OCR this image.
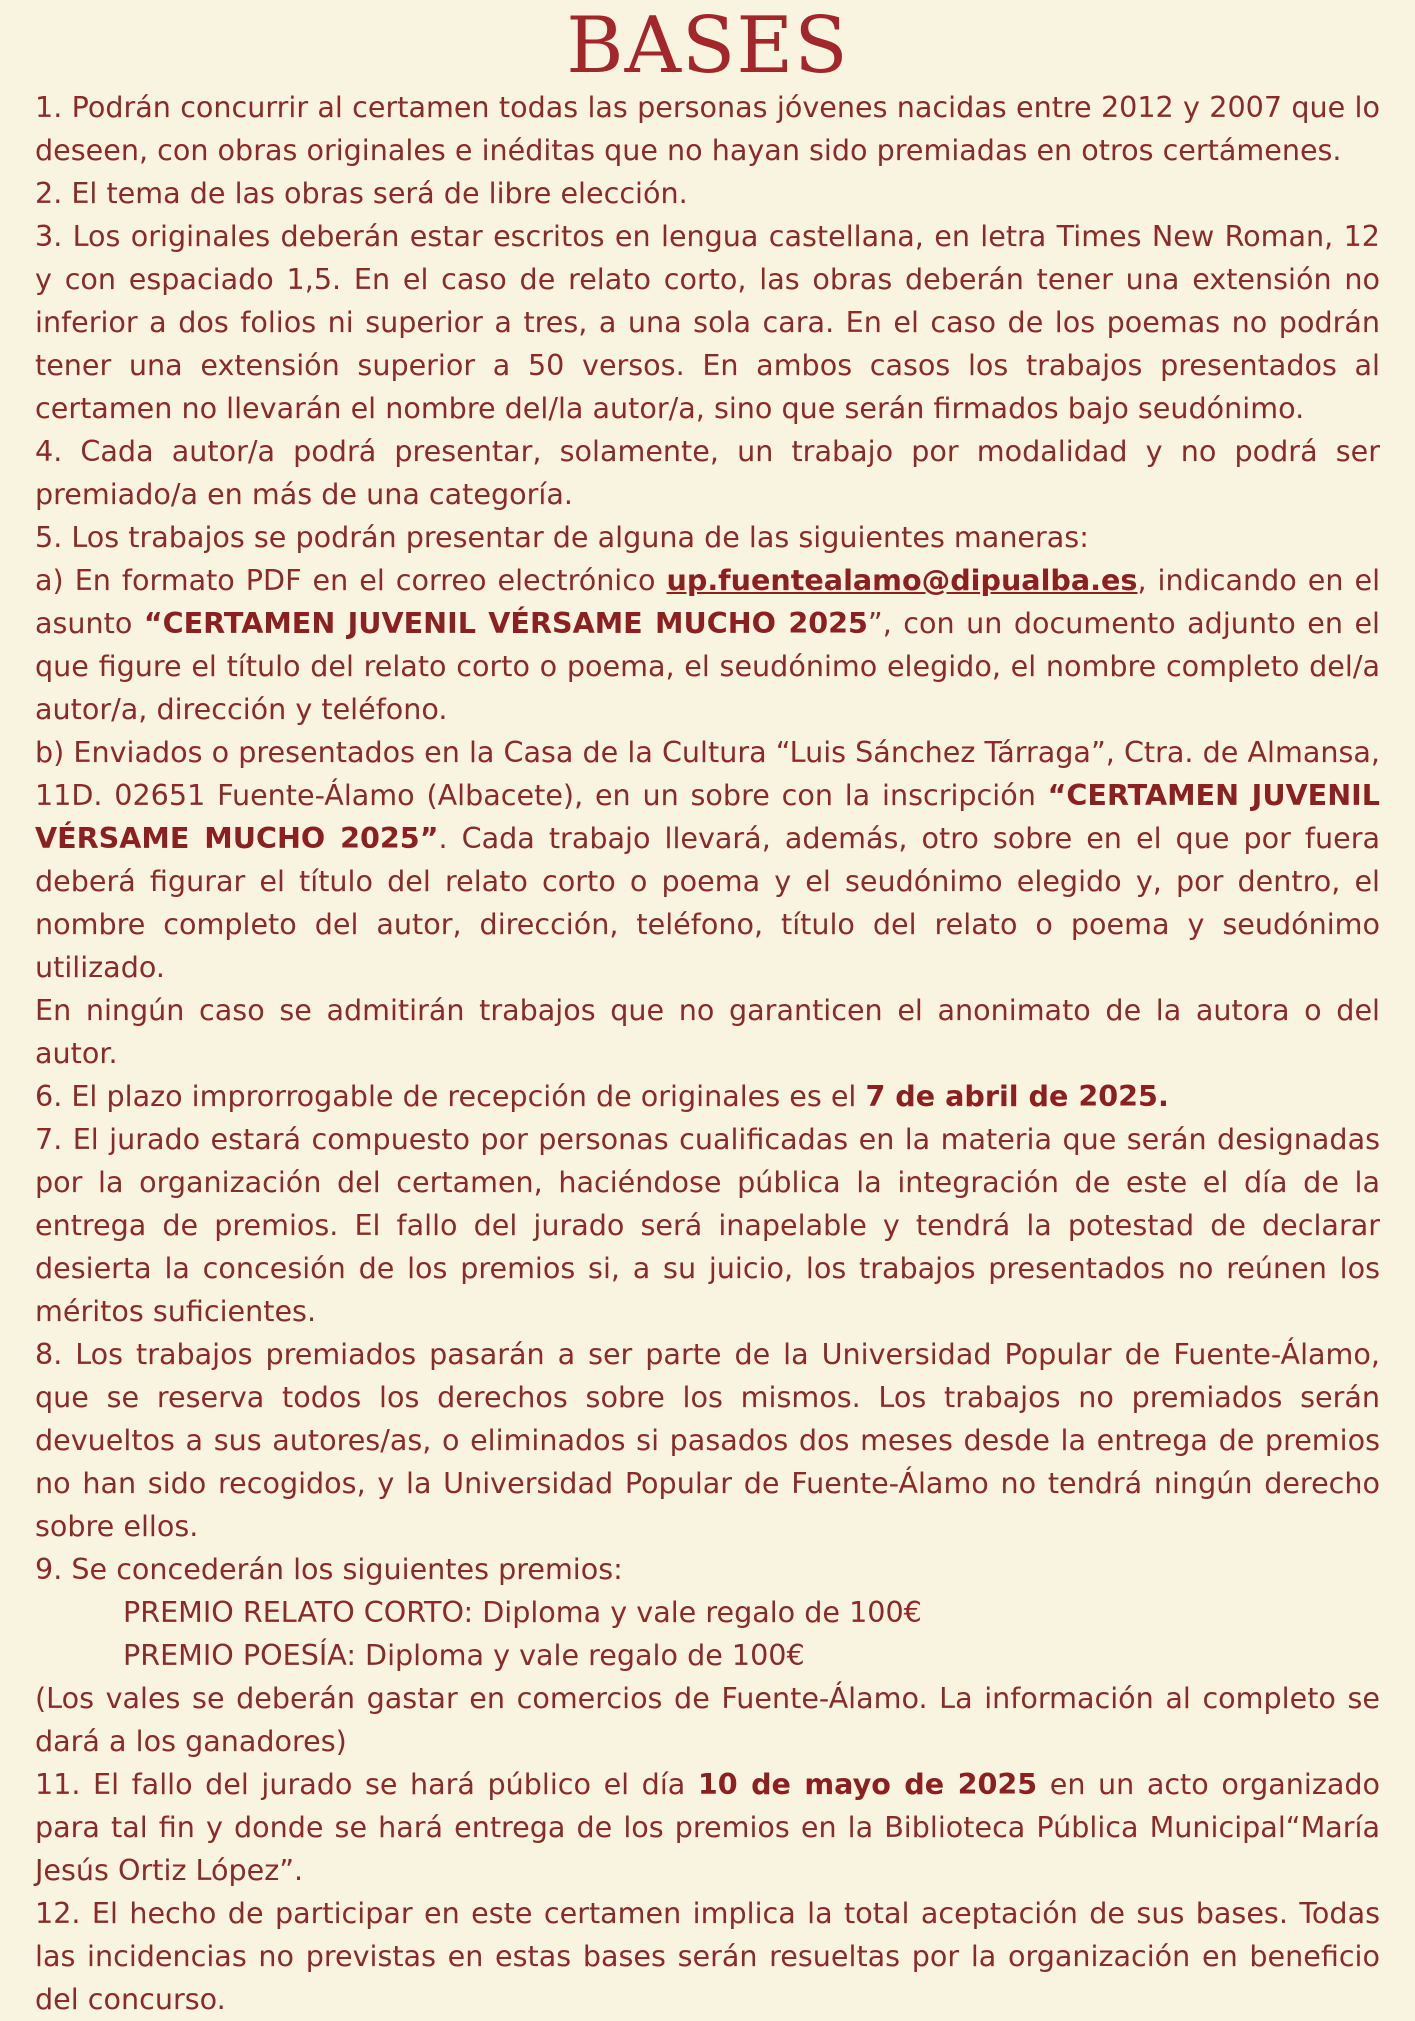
BASES

1. Podrán concurrir al certamen todas las personas jóvenes nacidas entre 2012 y 2007 que lo deseen, con obras originales e inéditas que no hayan sido premiadas en otros certámenes.

2. El tema de las obras será de libre elección.

3. Los originales deberán estar escritos en lengua castellana, en letra Times New Roman, 12 y con espaciado 1,5. En el caso de relato corto, las obras deberán tener una extensión no inferior a dos folios ni superior a tres, a una sola cara. En el caso de los poemas no podrán tener una extensión superior a 50 versos. En ambos casos los trabajos presentados al certamen no llevarán el nombre del/la autor/a, sino que serán firmados bajo seudónimo.

4. Cada autor/a podrá presentar, solamente, un trabajo por modalidad y no podrá ser premiado/a en más de una categoría.

5. Los trabajos se podrán presentar de alguna de las siguientes maneras:

a) En formato PDF en el correo electrónico up.fuentealamo@dipualba.es, indicando en el asunto “CERTAMEN JUVENIL VÉRSAME MUCHO 2025”, con un documento adjunto en el que figure el título del relato corto o poema, el seudónimo elegido, el nombre completo del/a autor/a, dirección y teléfono.

b) Enviados o presentados en la Casa de la Cultura “Luis Sánchez Tárraga”, Ctra. de Almansa, 11D. 02651 Fuente-Álamo (Albacete), en un sobre con la inscripción “CERTAMEN JUVENIL VÉRSAME MUCHO 2025”. Cada trabajo llevará, además, otro sobre en el que por fuera deberá figurar el título del relato corto o poema y el seudónimo elegido y, por dentro, el nombre completo del autor, dirección, teléfono, título del relato o poema y seudónimo utilizado.

En ningún caso se admitirán trabajos que no garanticen el anonimato de la autora o del autor.

6. El plazo improrrogable de recepción de originales es el 7 de abril de 2025.

7. El jurado estará compuesto por personas cualificadas en la materia que serán designadas por la organización del certamen, haciéndose pública la integración de este el día de la entrega de premios. El fallo del jurado será inapelable y tendrá la potestad de declarar desierta la concesión de los premios si, a su juicio, los trabajos presentados no reúnen los méritos suficientes.

8. Los trabajos premiados pasarán a ser parte de la Universidad Popular de Fuente-Álamo, que se reserva todos los derechos sobre los mismos. Los trabajos no premiados serán devueltos a sus autores/as, o eliminados si pasados dos meses desde la entrega de premios no han sido recogidos, y la Universidad Popular de Fuente-Álamo no tendrá ningún derecho sobre ellos.

9. Se concederán los siguientes premios:

PREMIO RELATO CORTO: Diploma y vale regalo de 100€

PREMIO POESÍA: Diploma y vale regalo de 100€

(Los vales se deberán gastar en comercios de Fuente-Álamo. La información al completo se dará a los ganadores)

11. El fallo del jurado se hará público el día 10 de mayo de 2025 en un acto organizado para tal fin y donde se hará entrega de los premios en la Biblioteca Pública Municipal“María Jesús Ortiz López”.

12. El hecho de participar en este certamen implica la total aceptación de sus bases. Todas las incidencias no previstas en estas bases serán resueltas por la organización en beneficio del concurso.
